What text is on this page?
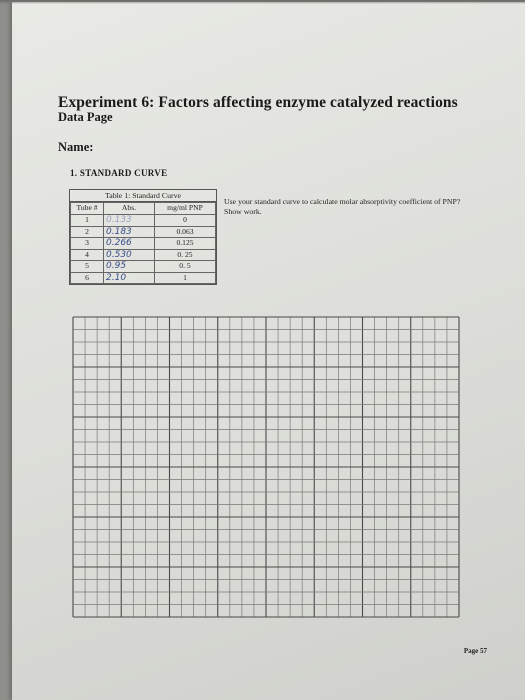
Experiment 6: Factors affecting enzyme catalyzed reactions
Data Page
Name:
1. STANDARD CURVE
Table 1: Standard Curve
Tube #	Abs.	mg/ml PNP
1	0.133	0
2	0.183	0.063
3	0.266	0.125
4	0.530	0. 25
5	0.95	0. 5
6	2.10	1
Use your standard curve to calculate molar absorptivity coefficient of PNP? Show work.
Page 57
